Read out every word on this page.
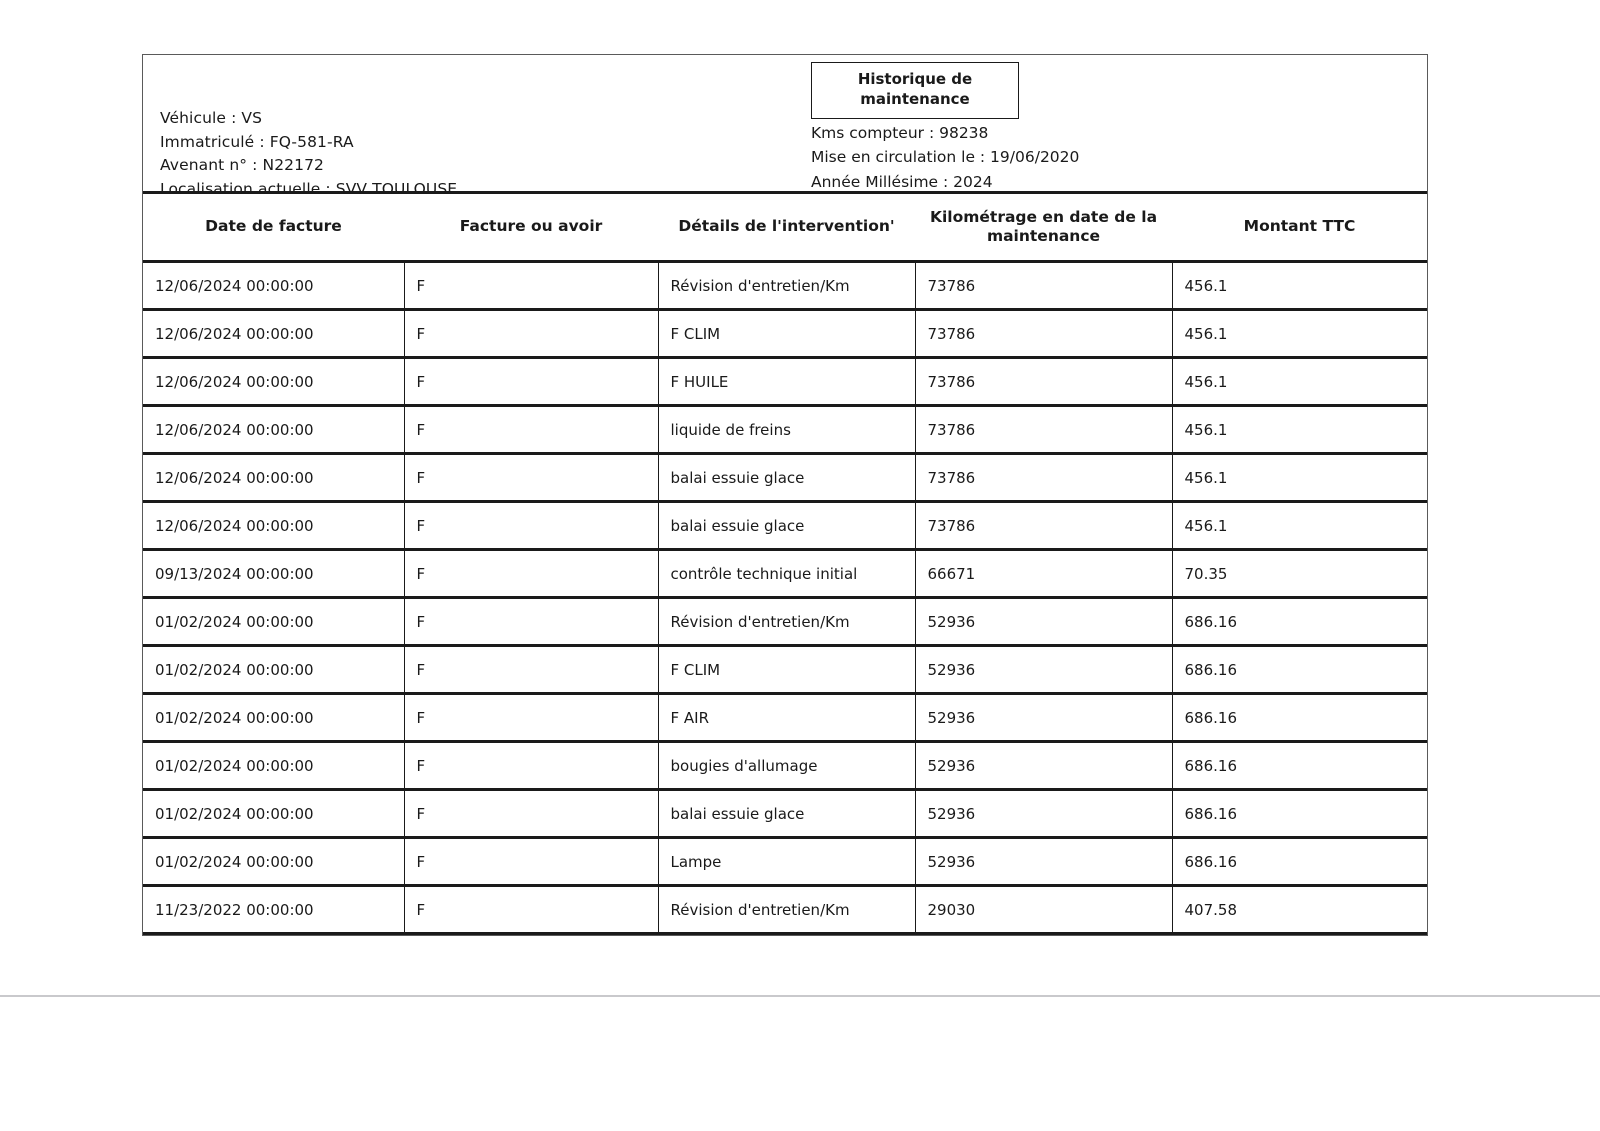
Véhicule : VS
Immatriculé : FQ-581-RA
Avenant n° : N22172
Localisation actuelle : SVV TOULOUSE
Historique de maintenance
Kms compteur : 98238
Mise en circulation le : 19/06/2020
Année Millésime : 2024
Date de facture	Facture ou avoir	Détails de l'intervention'	Kilométrage en date de la maintenance	Montant TTC
12/06/2024 00:00:00	F	Révision d'entretien/Km	73786	456.1
12/06/2024 00:00:00	F	F CLIM	73786	456.1
12/06/2024 00:00:00	F	F HUILE	73786	456.1
12/06/2024 00:00:00	F	liquide de freins	73786	456.1
12/06/2024 00:00:00	F	balai essuie glace	73786	456.1
12/06/2024 00:00:00	F	balai essuie glace	73786	456.1
09/13/2024 00:00:00	F	contrôle technique initial	66671	70.35
01/02/2024 00:00:00	F	Révision d'entretien/Km	52936	686.16
01/02/2024 00:00:00	F	F CLIM	52936	686.16
01/02/2024 00:00:00	F	F AIR	52936	686.16
01/02/2024 00:00:00	F	bougies d'allumage	52936	686.16
01/02/2024 00:00:00	F	balai essuie glace	52936	686.16
01/02/2024 00:00:00	F	Lampe	52936	686.16
11/23/2022 00:00:00	F	Révision d'entretien/Km	29030	407.58
